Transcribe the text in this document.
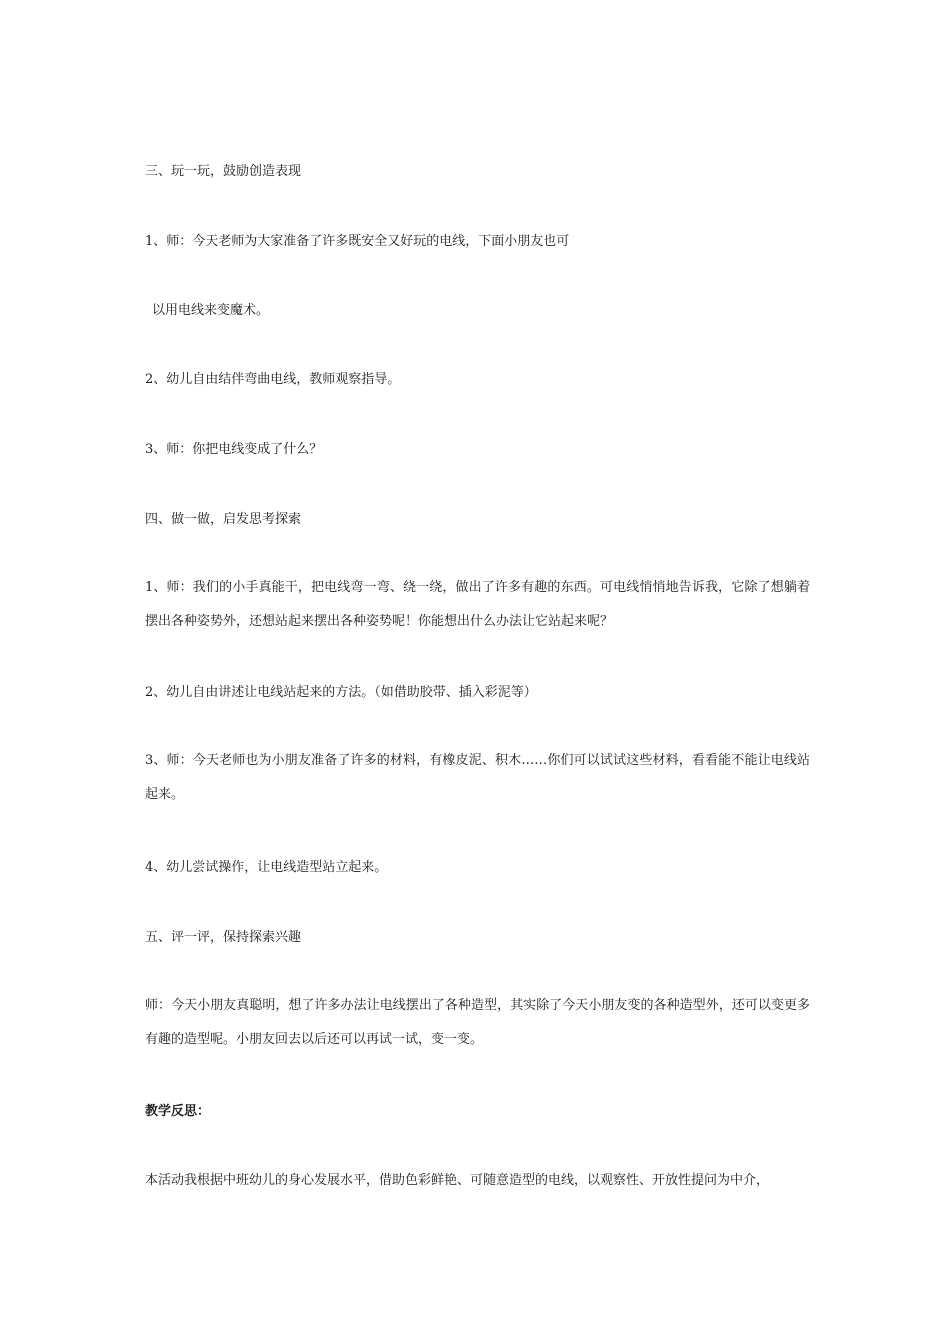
三、玩一玩，鼓励创造表现
1、师：今天老师为大家准备了许多既安全又好玩的电线，下面小朋友也可
以用电线来变魔术。
2、幼儿自由结伴弯曲电线，教师观察指导。
3、师：你把电线变成了什么？
四、做一做，启发思考探索
1、师：我们的小手真能干，把电线弯一弯、绕一绕，做出了许多有趣的东西。可电线悄悄地告诉我，它除了想躺着摆出各种姿势外，还想站起来摆出各种姿势呢！你能想出什么办法让它站起来呢？
2、幼儿自由讲述让电线站起来的方法。（如借助胶带、插入彩泥等）
3、师：今天老师也为小朋友准备了许多的材料，有橡皮泥、积木……你们可以试试这些材料，看看能不能让电线站起来。
4、幼儿尝试操作，让电线造型站立起来。
五、评一评，保持探索兴趣
师：今天小朋友真聪明，想了许多办法让电线摆出了各种造型，其实除了今天小朋友变的各种造型外，还可以变更多有趣的造型呢。小朋友回去以后还可以再试一试，变一变。
教学反思：
本活动我根据中班幼儿的身心发展水平，借助色彩鲜艳、可随意造型的电线，以观察性、开放性提问为中介，
